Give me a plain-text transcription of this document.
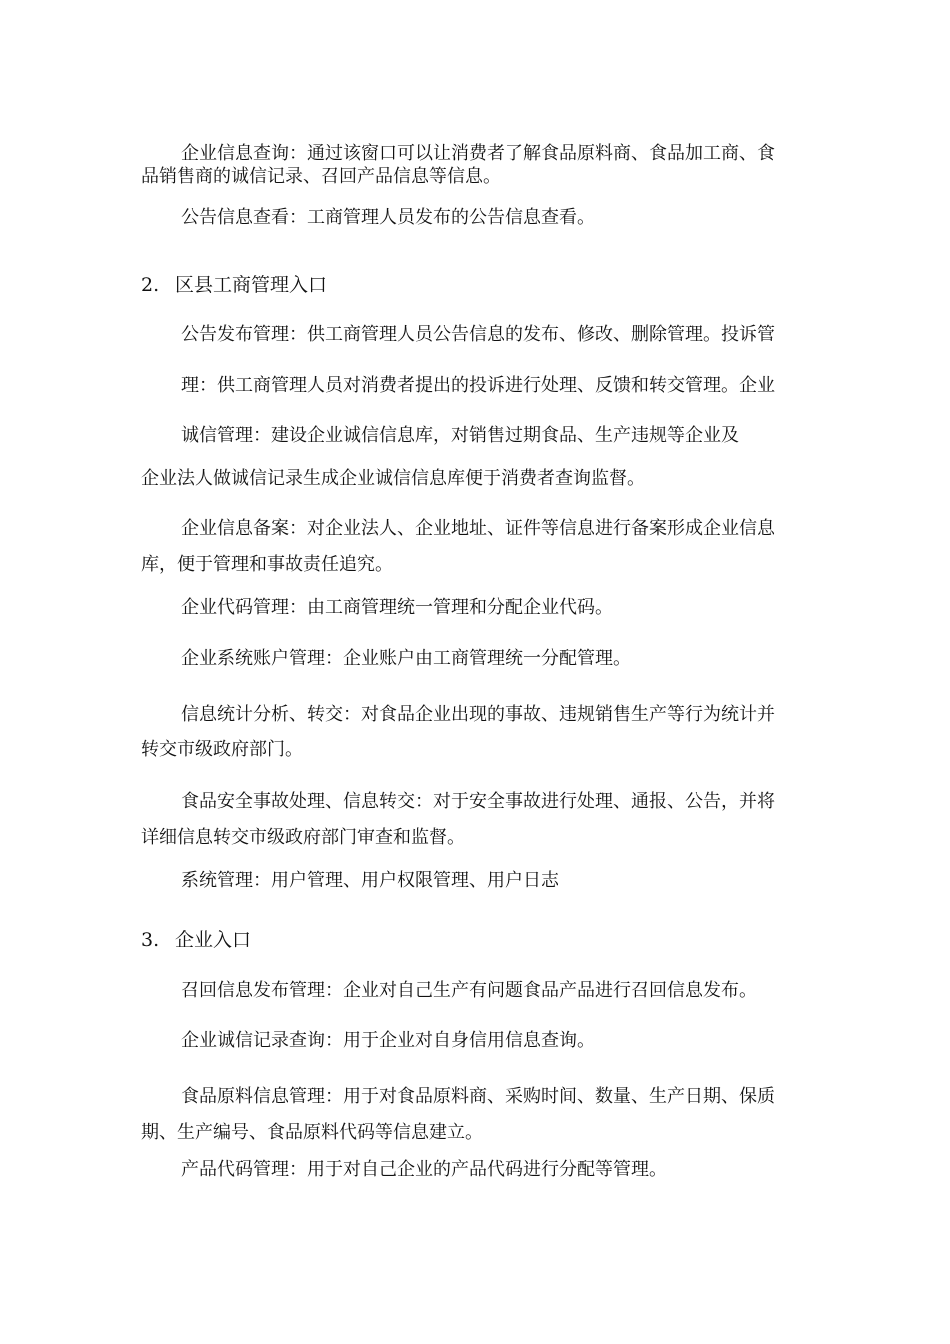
企业信息查询：通过该窗口可以让消费者了解食品原料商、食品加工商、食
品销售商的诚信记录、召回产品信息等信息。
公告信息查看：工商管理人员发布的公告信息查看。
2. 区县工商管理入口
公告发布管理：供工商管理人员公告信息的发布、修改、删除管理。投诉管
理：供工商管理人员对消费者提出的投诉进行处理、反馈和转交管理。企业
诚信管理：建设企业诚信信息库，对销售过期食品、生产违规等企业及
企业法人做诚信记录生成企业诚信信息库便于消费者查询监督。
企业信息备案：对企业法人、企业地址、证件等信息进行备案形成企业信息
库，便于管理和事故责任追究。
企业代码管理：由工商管理统一管理和分配企业代码。
企业系统账户管理：企业账户由工商管理统一分配管理。
信息统计分析、转交：对食品企业出现的事故、违规销售生产等行为统计并
转交市级政府部门。
食品安全事故处理、信息转交：对于安全事故进行处理、通报、公告，并将
详细信息转交市级政府部门审查和监督。
系统管理：用户管理、用户权限管理、用户日志
3. 企业入口
召回信息发布管理：企业对自己生产有问题食品产品进行召回信息发布。
企业诚信记录查询：用于企业对自身信用信息查询。
食品原料信息管理：用于对食品原料商、采购时间、数量、生产日期、保质
期、生产编号、食品原料代码等信息建立。
产品代码管理：用于对自己企业的产品代码进行分配等管理。
